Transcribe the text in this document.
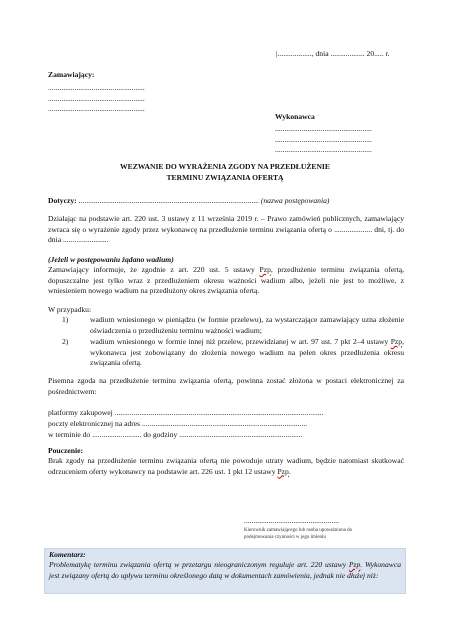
|.................., dnia .................. 20..... r.
Zamawiający:
...................................................
...................................................
...................................................
Wykonawca
...................................................
...................................................
...................................................
WEZWANIE DO WYRAŻENIA ZGODY NA PRZEDŁUŻENIE
TERMINU ZWIĄZANIA OFERTĄ
Dotyczy: ............................................................................................... (nazwa postępowania)
Działając na podstawie art. 220 ust. 3 ustawy z 11 września 2019 r. – Prawo zamówień publicznych, zamawiający zwraca się o wyrażenie zgody przez wykonawcę na przedłużenie terminu związania ofertą o .................... dni, tj. do dnia ........................
(Jeżeli w postępowaniu żądano wadium)
Zamawiający informuje, że zgodnie z art. 220 ust. 5 ustawy Pzp, przedłużenie terminu związania ofertą, dopuszczalne jest tylko wraz z przedłużeniem okresu ważności wadium albo, jeżeli nie jest to możliwe, z wniesieniem nowego wadium na przedłużony okres związania ofertą.
W przypadku:
1)	wadium wniesionego w pieniądzu (w formie przelewu), za wystarczające zamawiający uzna złożenie oświadczenia o przedłużeniu terminu ważności wadium;
2)	wadium wniesionego w formie innej niż przelew, przewidzianej w art. 97 ust. 7 pkt 2–4 ustawy Pzp, wykonawca jest zobowiązany do złożenia nowego wadium na pełen okres przedłużenia okresu związania ofertą.
Pisemna zgoda na przedłużenie terminu związania ofertą, powinna zostać złożona w postaci elektronicznej za pośrednictwem:
platformy zakupowej ..............................................................................................................
poczty elektronicznej na adres .......................................................................................
w terminie do .......................... do godziny .................................................................
Pouczenie:
Brak zgody na przedłużenie terminu związania ofertą nie powoduje utraty wadium, będzie natomiast skutkować odrzuceniem oferty wykonawcy na podstawie art. 226 ust. 1 pkt 12 ustawy Pzp.
..................................................
Kierownik zamawiającego lub osoba upoważniona do
podejmowania czynności w jego imieniu
Komentarz:
Problematykę terminu związania ofertą w przetargu nieograniczonym reguluje art. 220 ustawy Pzp. Wykonawca jest związany ofertą do upływu terminu określonego datą w dokumentach zamówienia, jednak nie dłużej niż:
